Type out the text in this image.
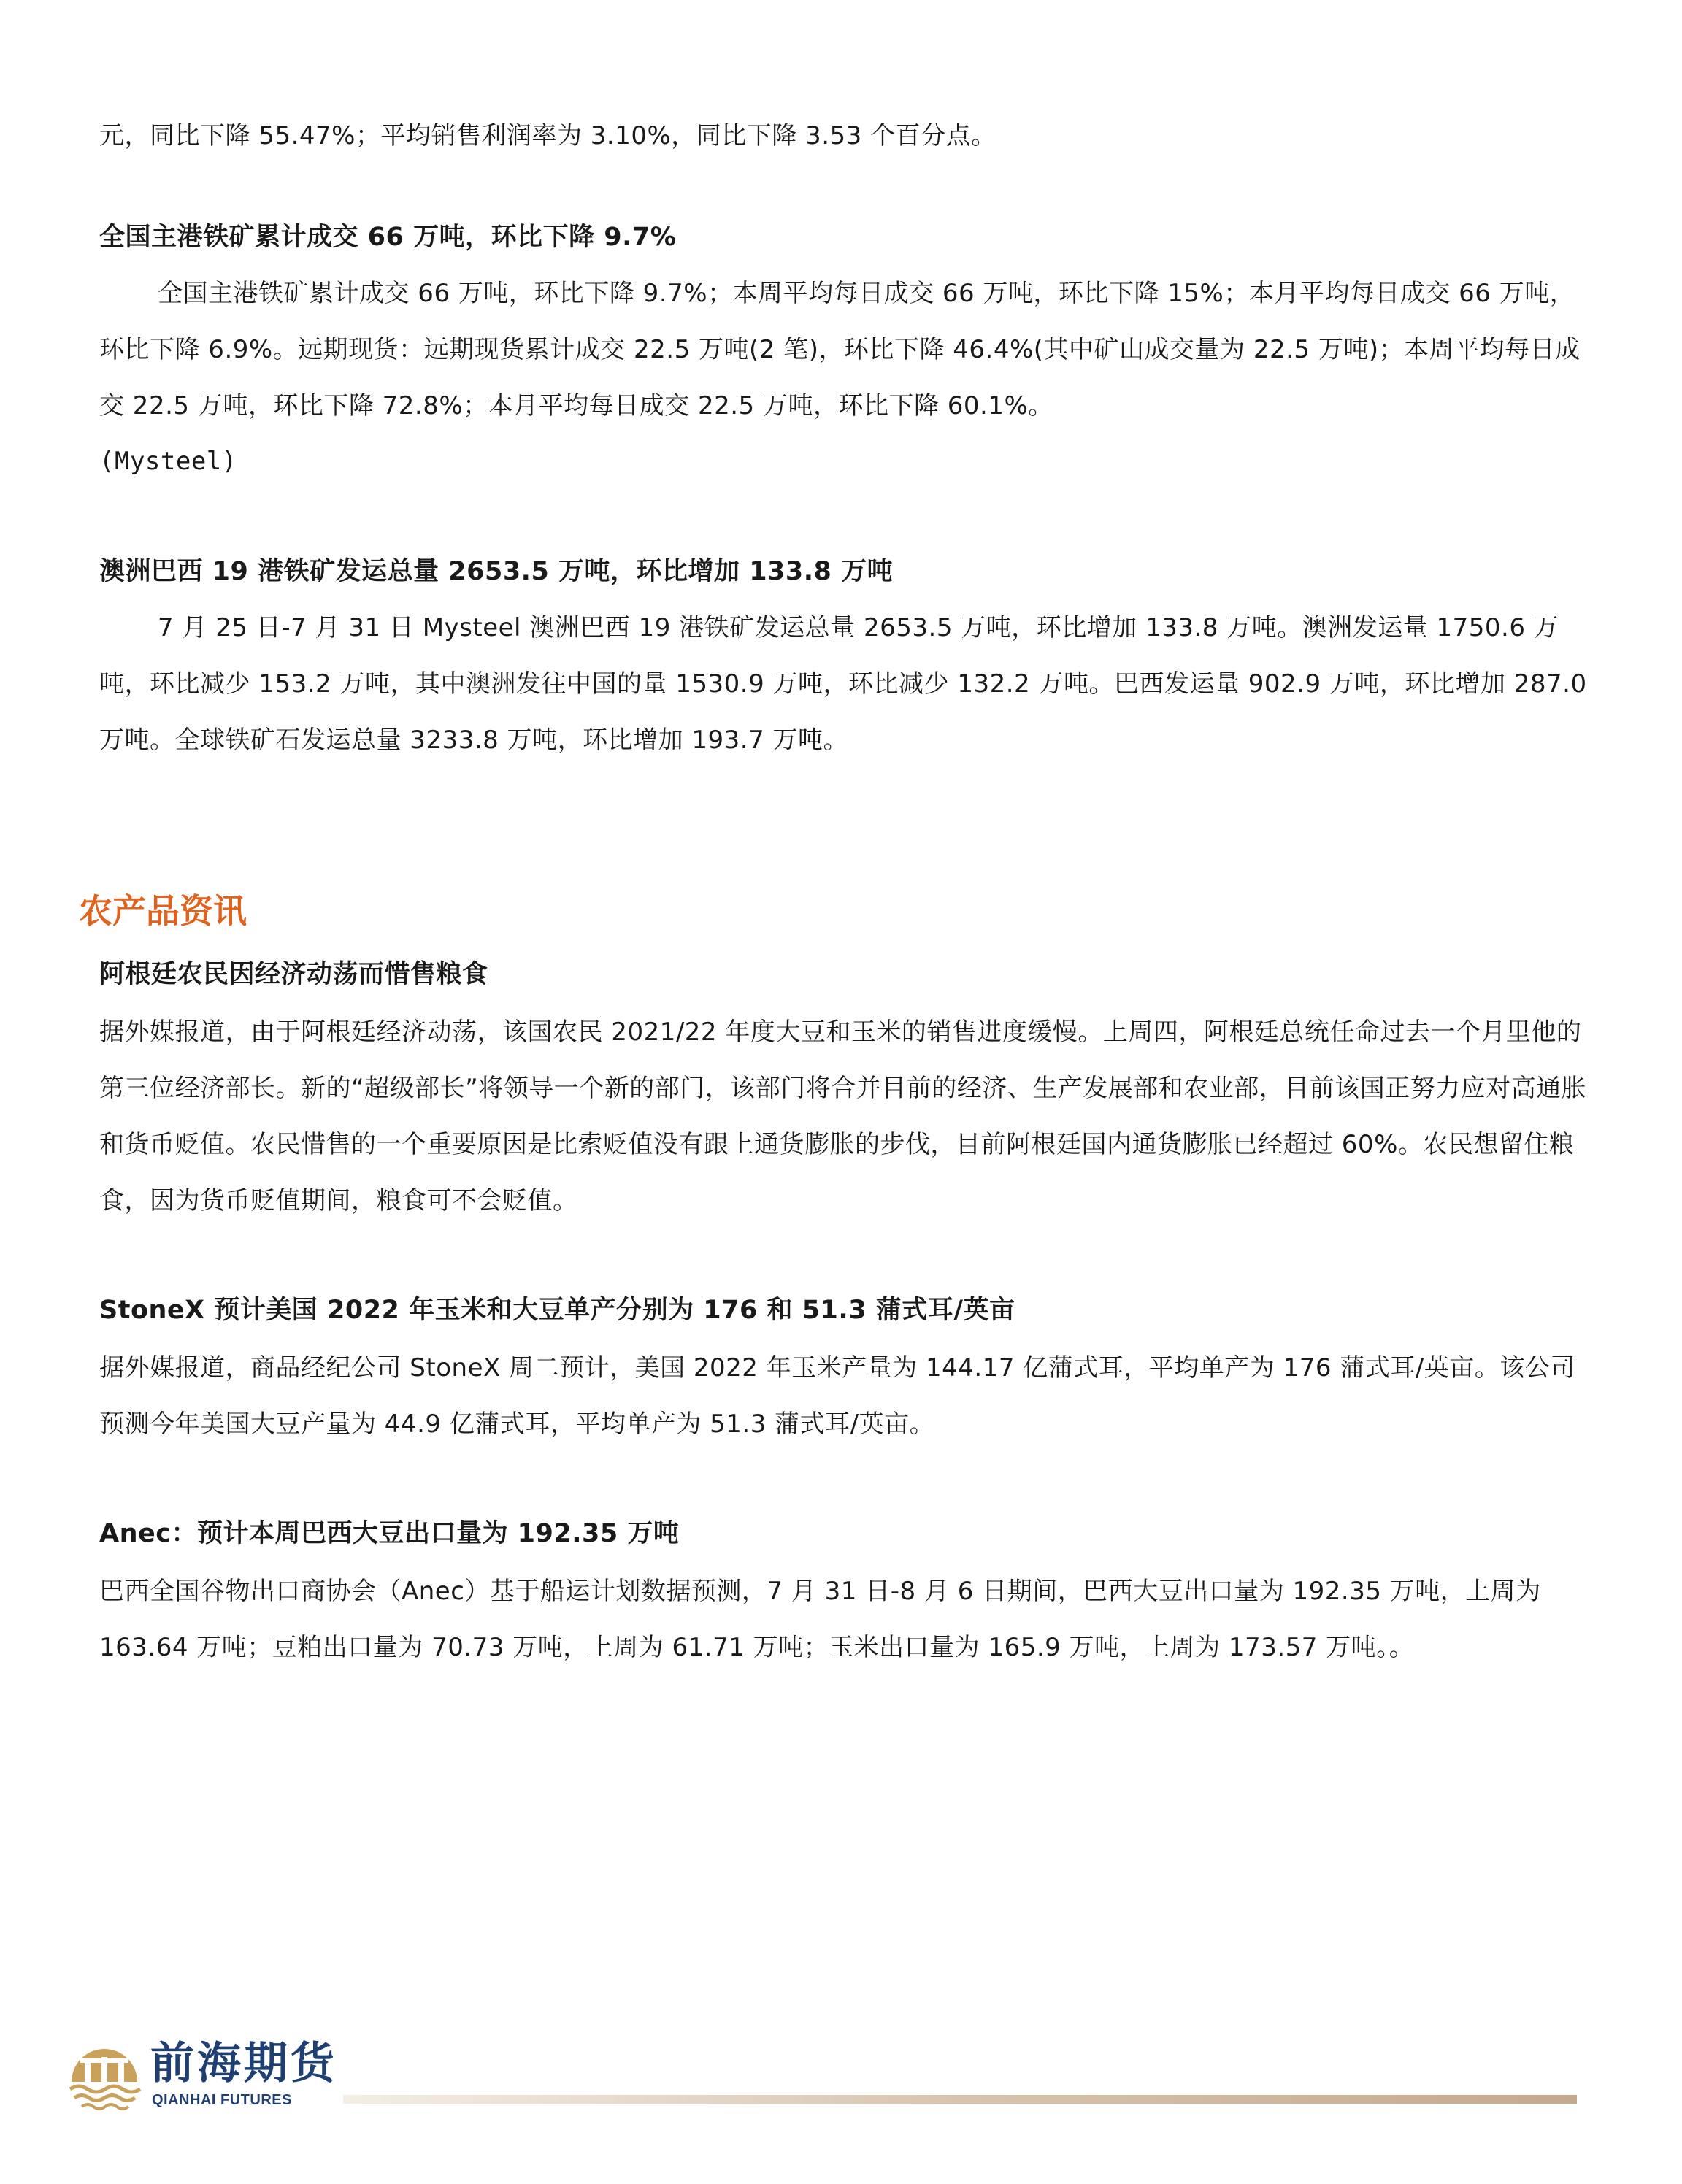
元，同比下降 55.47%；平均销售利润率为 3.10%，同比下降 3.53 个百分点。

全国主港铁矿累计成交 66 万吨，环比下降 9.7%

全国主港铁矿累计成交 66 万吨，环比下降 9.7%；本周平均每日成交 66 万吨，环比下降 15%；本月平均每日成交 66 万吨，环比下降 6.9%。远期现货：远期现货累计成交 22.5 万吨(2 笔)，环比下降 46.4%(其中矿山成交量为 22.5 万吨)；本周平均每日成交 22.5 万吨，环比下降 72.8%；本月平均每日成交 22.5 万吨，环比下降 60.1%。

(Mysteel)

澳洲巴西 19 港铁矿发运总量 2653.5 万吨，环比增加 133.8 万吨

7 月 25 日-7 月 31 日 Mysteel 澳洲巴西 19 港铁矿发运总量 2653.5 万吨，环比增加 133.8 万吨。澳洲发运量 1750.6 万吨，环比减少 153.2 万吨，其中澳洲发往中国的量 1530.9 万吨，环比减少 132.2 万吨。巴西发运量 902.9 万吨，环比增加 287.0 万吨。全球铁矿石发运总量 3233.8 万吨，环比增加 193.7 万吨。

农产品资讯
阿根廷农民因经济动荡而惜售粮食

据外媒报道，由于阿根廷经济动荡，该国农民 2021/22 年度大豆和玉米的销售进度缓慢。上周四，阿根廷总统任命过去一个月里他的第三位经济部长。新的“超级部长”将领导一个新的部门，该部门将合并目前的经济、生产发展部和农业部，目前该国正努力应对高通胀和货币贬值。农民惜售的一个重要原因是比索贬值没有跟上通货膨胀的步伐，目前阿根廷国内通货膨胀已经超过 60%。农民想留住粮食，因为货币贬值期间，粮食可不会贬值。

StoneX 预计美国 2022 年玉米和大豆单产分别为 176 和 51.3 蒲式耳/英亩

据外媒报道，商品经纪公司 StoneX 周二预计，美国 2022 年玉米产量为 144.17 亿蒲式耳，平均单产为 176 蒲式耳/英亩。该公司预测今年美国大豆产量为 44.9 亿蒲式耳，平均单产为 51.3 蒲式耳/英亩。

Anec：预计本周巴西大豆出口量为 192.35 万吨

巴西全国谷物出口商协会（Anec）基于船运计划数据预测，7 月 31 日-8 月 6 日期间，巴西大豆出口量为 192.35 万吨，上周为 163.64 万吨；豆粕出口量为 70.73 万吨，上周为 61.71 万吨；玉米出口量为 165.9 万吨，上周为 173.57 万吨。。

前海期货
QIANHAI FUTURES
